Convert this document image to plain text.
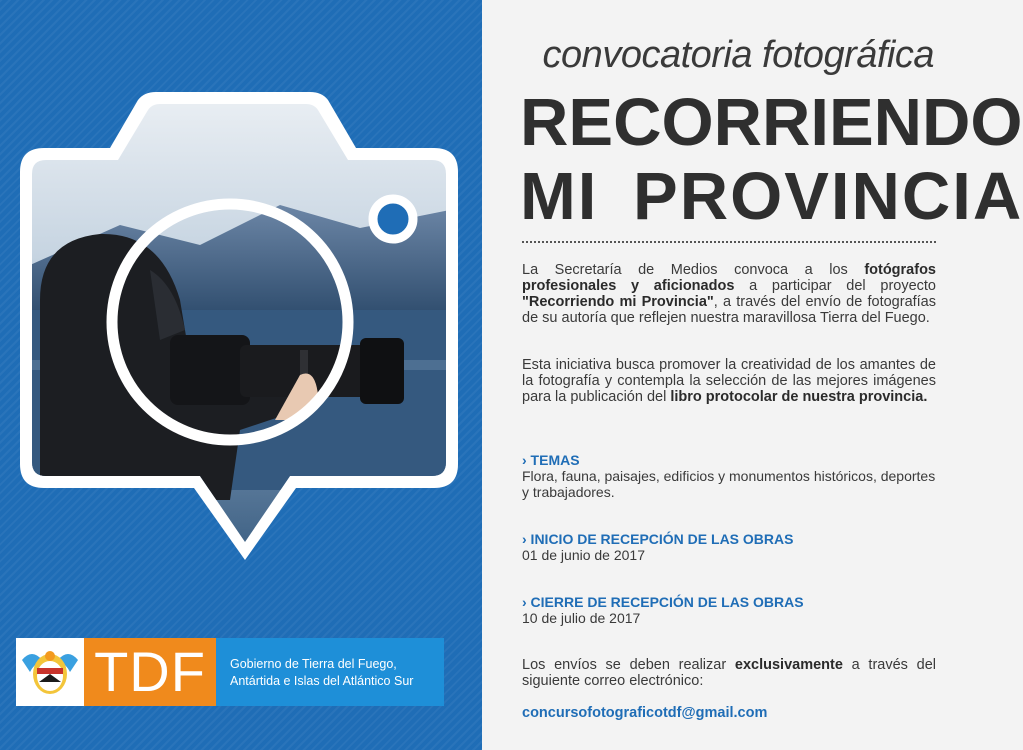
TDF Gobierno de Tierra del Fuego,
Antártida e Islas del Atlántico Sur
convocatoria fotográfica
RECORRIENDO
MI PROVINCIA
La Secretaría de Medios convoca a los fotógrafos profesionales y aficionados a participar del proyecto "Recorriendo mi Provincia", a través del envío de fotografías de su autoría que reflejen nuestra maravillosa Tierra del Fuego.
Esta iniciativa busca promover la creatividad de los amantes de la fotografía y contempla la selección de las mejores imágenes para la publicación del libro protocolar de nuestra provincia.
› TEMAS
Flora, fauna, paisajes, edificios y monumentos históricos, deportes y trabajadores.
› INICIO DE RECEPCIÓN DE LAS OBRAS
01 de junio de 2017
› CIERRE DE RECEPCIÓN DE LAS OBRAS
10 de julio de 2017
Los envíos se deben realizar exclusivamente a través del siguiente correo electrónico:
concursofotograficotdf@gmail.com
